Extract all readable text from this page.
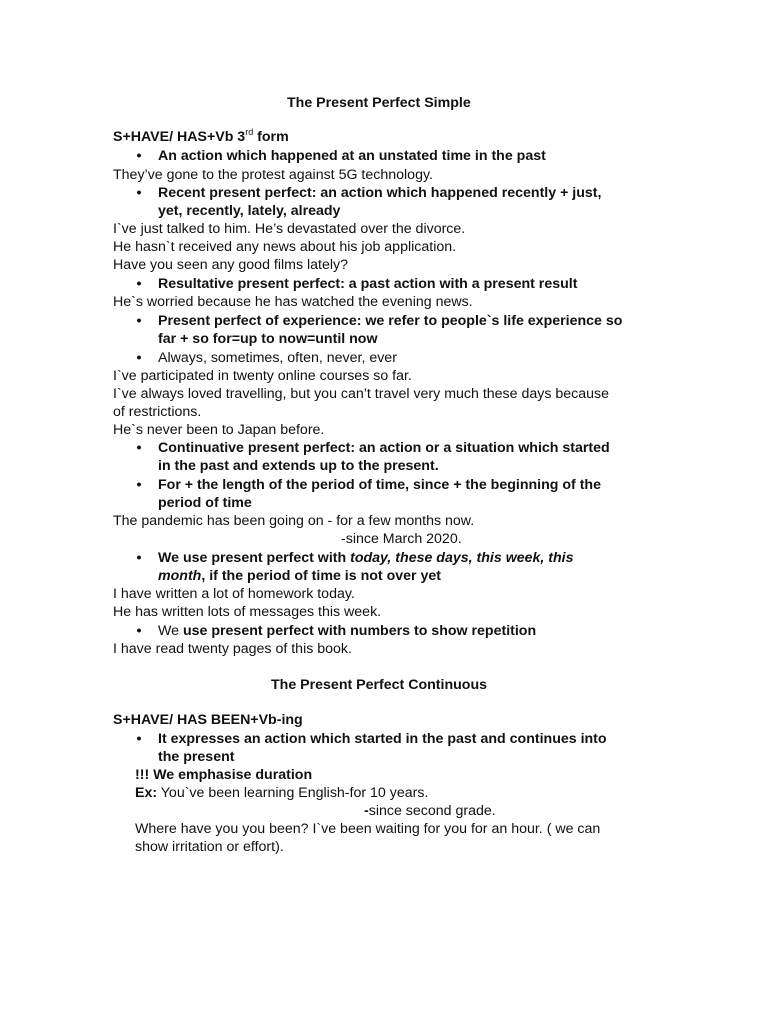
The Present Perfect Simple

S+HAVE/ HAS+Vb 3rd form

•	An action which happened at an unstated time in the past

They’ve gone to the protest against 5G technology.

•	Recent present perfect: an action which happened recently + just,

yet, recently, lately, already

I`ve just talked to him. He’s devastated over the divorce.

He hasn`t received any news about his job application.

Have you seen any good films lately?

•	Resultative present perfect: a past action with a present result

He`s worried because he has watched the evening news.

•	Present perfect of experience: we refer to people`s life experience so

far + so for=up to now=until now

•	Always, sometimes, often, never, ever

I`ve participated in twenty online courses so far.

I`ve always loved travelling, but you can’t travel very much these days because

of restrictions.

He`s never been to Japan before.

•	Continuative present perfect: an action or a situation which started

in the past and extends up to the present.

•	For + the length of the period of time, since + the beginning of the

period of time

The pandemic has been going on - for a few months now.

-since March 2020.

•	We use present perfect with today, these days, this week, this

month, if the period of time is not over yet

I have written a lot of homework today.

He has written lots of messages this week.

•	We use present perfect with numbers to show repetition

I have read twenty pages of this book.

The Present Perfect Continuous

S+HAVE/ HAS BEEN+Vb-ing

•	It expresses an action which started in the past and continues into

the present

!!! We emphasise duration

Ex: You`ve been learning English-for 10 years.

-since second grade.

Where have you you been? I`ve been waiting for you for an hour. ( we can

show irritation or effort).
